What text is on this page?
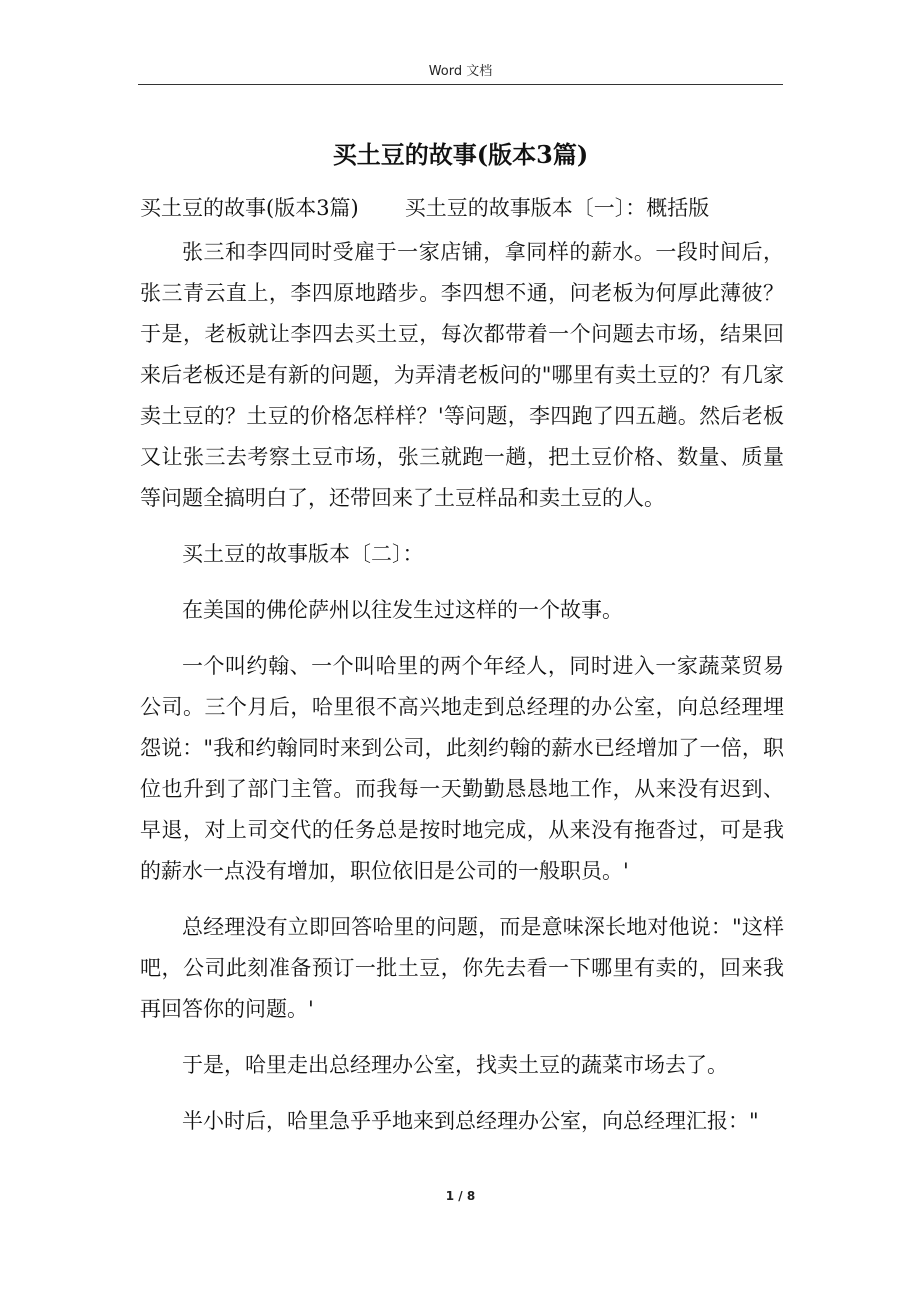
Word 文档
买土豆的故事(版本3篇)
买土豆的故事(版本3篇) 买土豆的故事版本〔一〕：概括版

张三和李四同时受雇于一家店铺，拿同样的薪水。一段时间后，张三青云直上，李四原地踏步。李四想不通，问老板为何厚此薄彼？于是，老板就让李四去买土豆，每次都带着一个问题去市场，结果回来后老板还是有新的问题，为弄清老板问的"哪里有卖土豆的？有几家卖土豆的？土豆的价格怎样样？'等问题，李四跑了四五趟。然后老板又让张三去考察土豆市场，张三就跑一趟，把土豆价格、数量、质量等问题全搞明白了，还带回来了土豆样品和卖土豆的人。

买土豆的故事版本〔二〕：

在美国的佛伦萨州以往发生过这样的一个故事。

一个叫约翰、一个叫哈里的两个年经人，同时进入一家蔬菜贸易公司。三个月后，哈里很不高兴地走到总经理的办公室，向总经理埋怨说："我和约翰同时来到公司，此刻约翰的薪水已经增加了一倍，职位也升到了部门主管。而我每一天勤勤恳恳地工作，从来没有迟到、早退，对上司交代的任务总是按时地完成，从来没有拖沓过，可是我的薪水一点没有增加，职位依旧是公司的一般职员。'

总经理没有立即回答哈里的问题，而是意味深长地对他说："这样吧，公司此刻准备预订一批土豆，你先去看一下哪里有卖的，回来我再回答你的问题。'

于是，哈里走出总经理办公室，找卖土豆的蔬菜市场去了。

半小时后，哈里急乎乎地来到总经理办公室，向总经理汇报："

1 / 8
